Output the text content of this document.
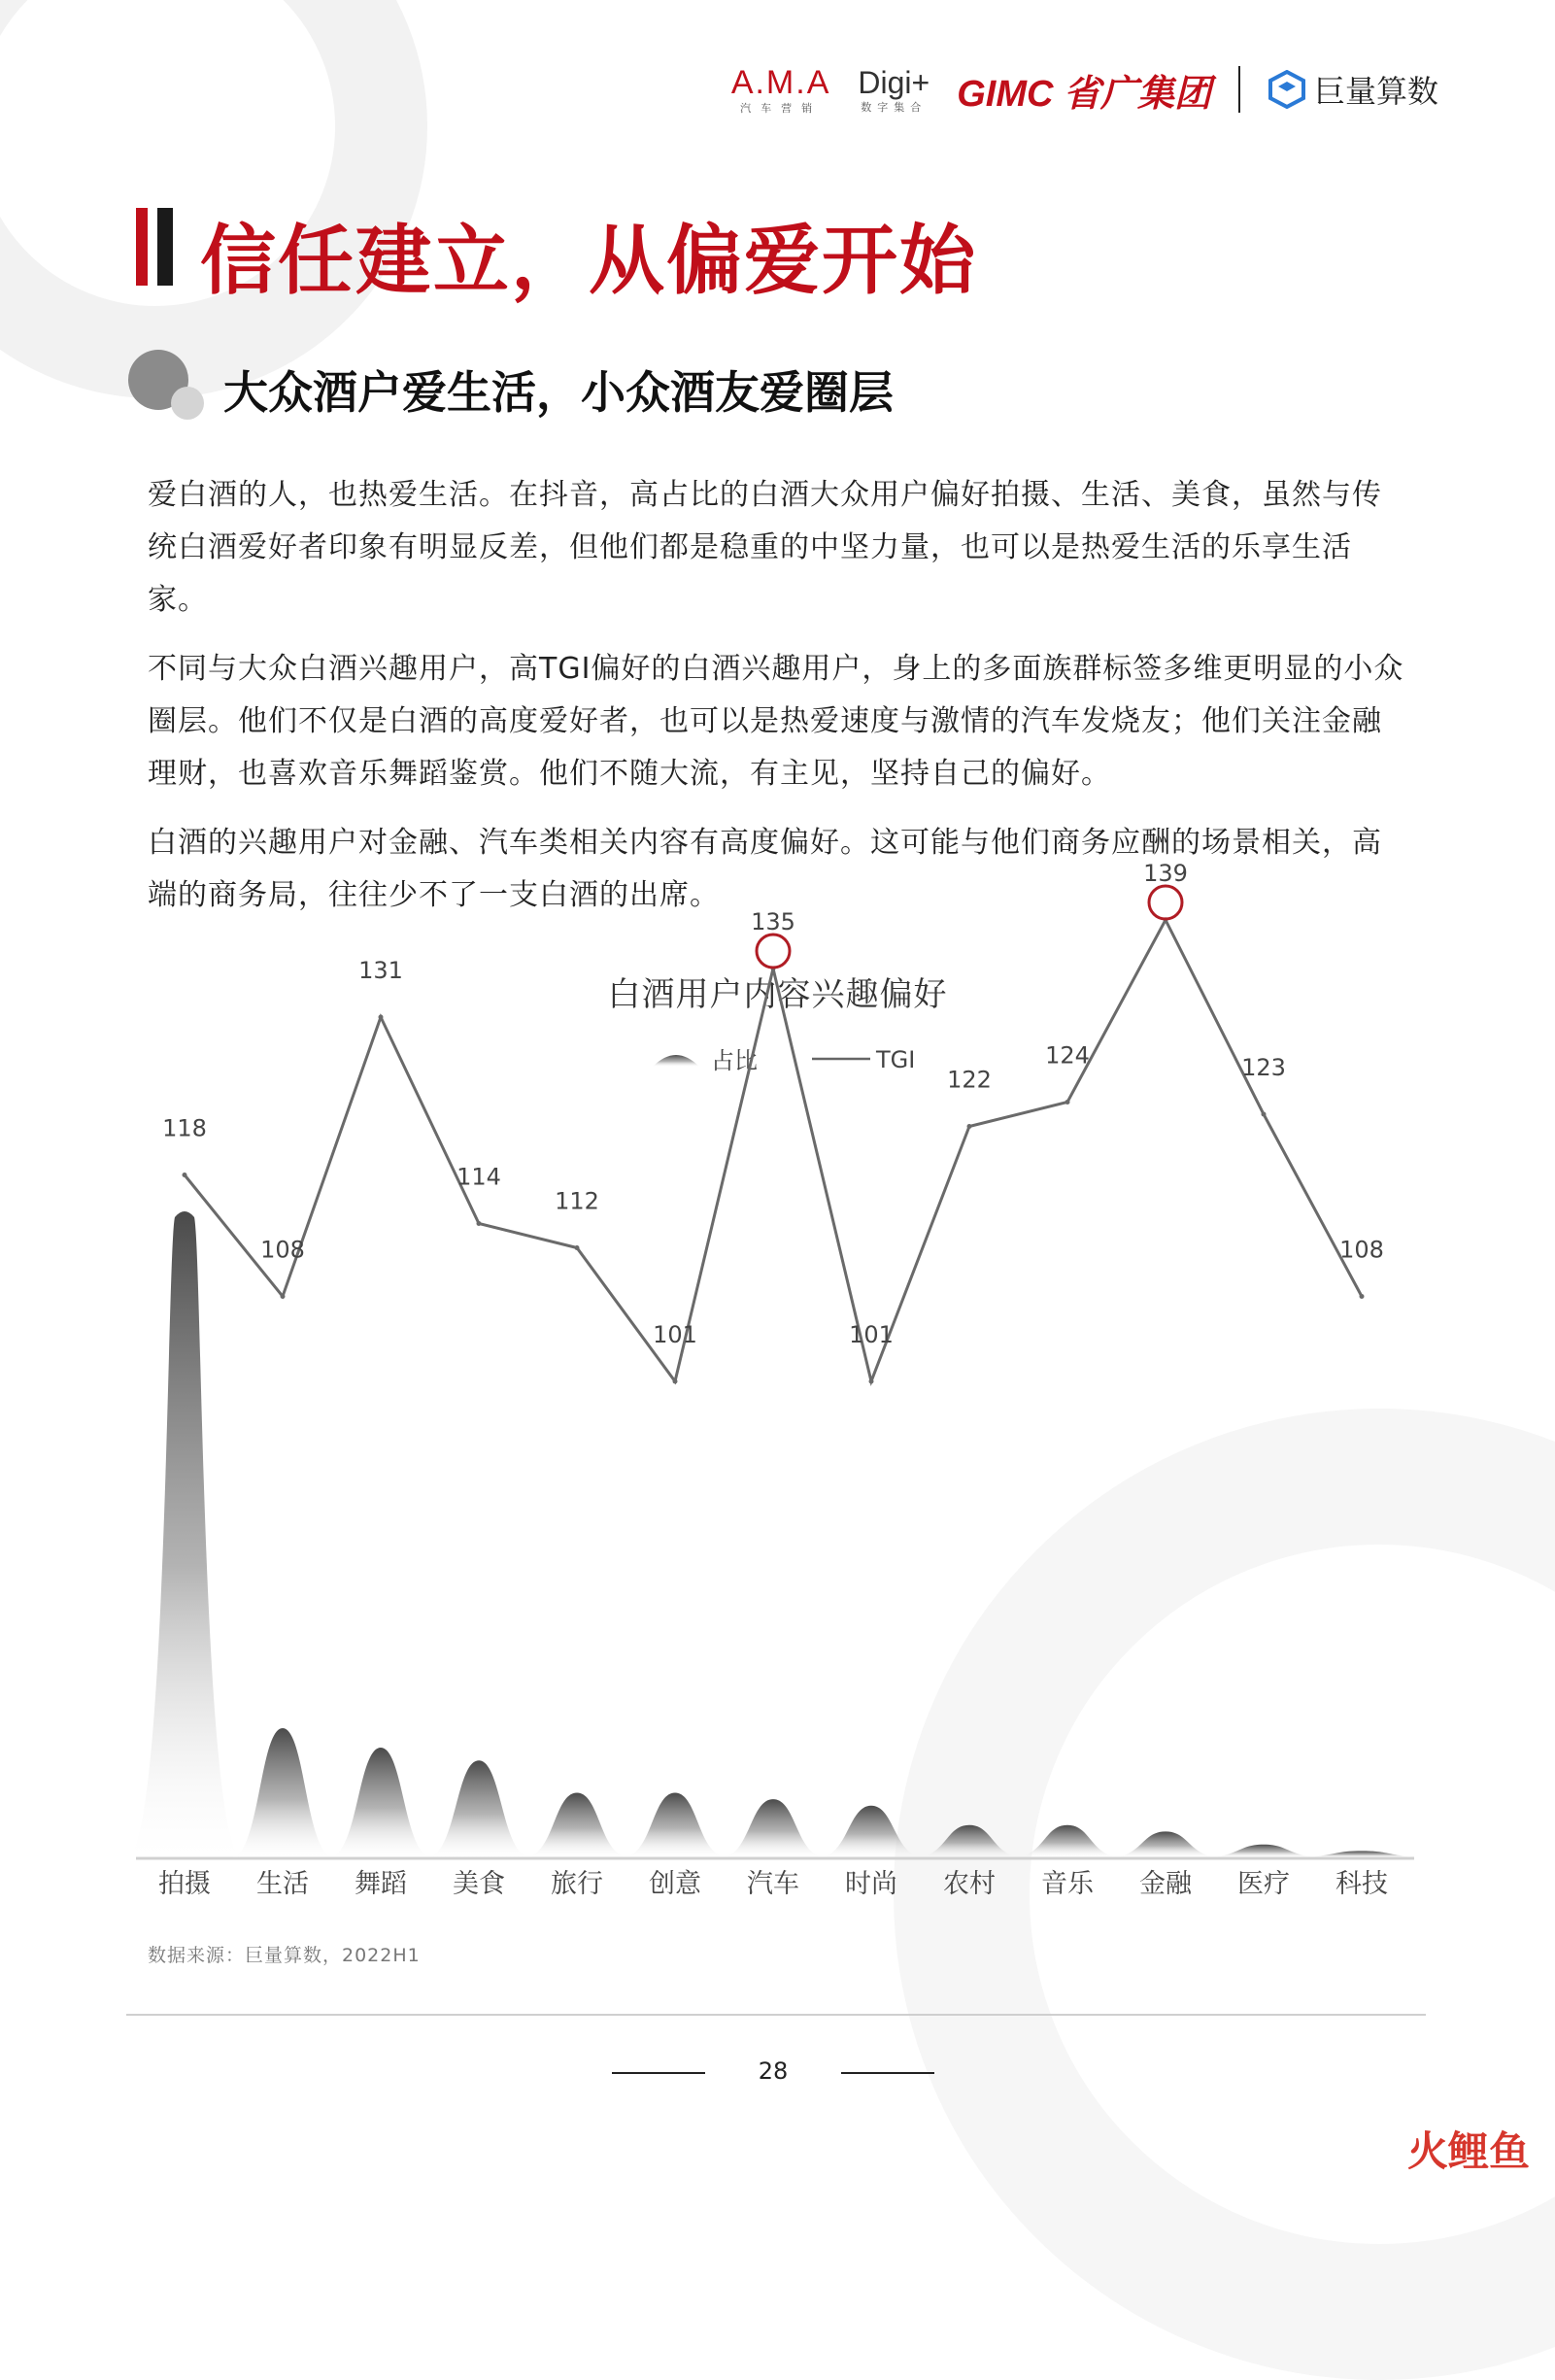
A.M.A
汽车营销
Digi+
数字集合 GIMC 省广集团	巨量算数
信任建立，从偏爱开始
大众酒户爱生活，小众酒友爱圈层

爱白酒的人，也热爱生活。在抖音，高占比的白酒大众用户偏好拍摄、生活、美食，虽然与传统白酒爱好者印象有明显反差，但他们都是稳重的中坚力量，也可以是热爱生活的乐享生活家。

不同与大众白酒兴趣用户，高TGI偏好的白酒兴趣用户，身上的多面族群标签多维更明显的小众圈层。他们不仅是白酒的高度爱好者，也可以是热爱速度与激情的汽车发烧友；他们关注金融理财，也喜欢音乐舞蹈鉴赏。他们不随大流，有主见，坚持自己的偏好。

白酒的兴趣用户对金融、汽车类相关内容有高度偏好。这可能与他们商务应酬的场景相关，高端的商务局，往往少不了一支白酒的出席。

白酒用户内容兴趣偏好
占比	TGI
118
108
131
114
112
101
135
101
122
124
139
123
108
拍摄 生活 舞蹈 美食 旅行 创意 汽车 时尚 农村 音乐 金融 医疗 科技
数据来源：巨量算数，2022H1
28
火鲤鱼
